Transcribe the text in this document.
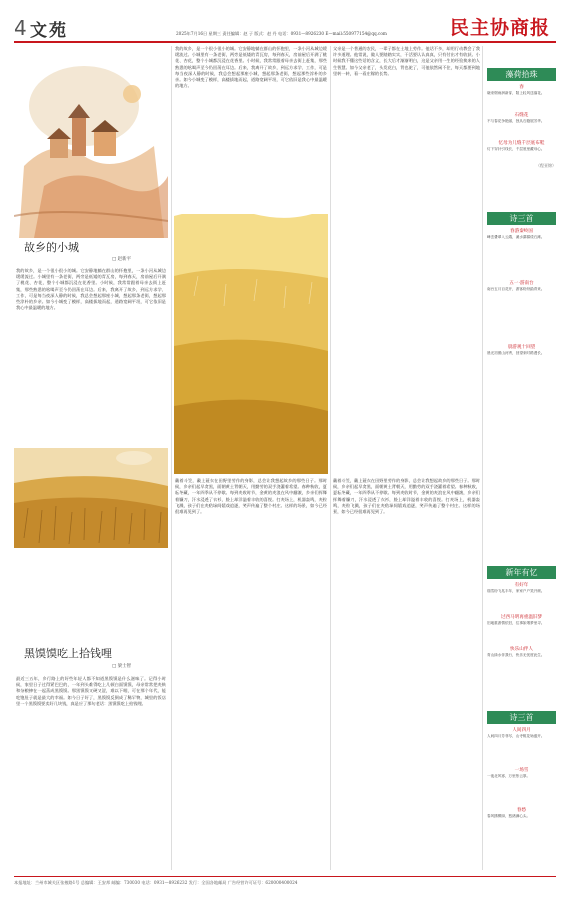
4 文苑	民主协商报
2025年7月16日 星期三 责任编辑：赵 子 版式：赵 丹 电话：0931—8926230 E—mail:550977154@qq.com
故乡的小城
□ 赵新平
我的故乡，是一个很小很小的城。它安静地躺在群山的怀抱里，一条小河从城边缓缓流过。小城里有一条老街，两旁是低矮的青瓦房，每到春天，房前屋后开满了桃花、杏花，整个小城都沉浸在花香里。小时候，我常常跟着母亲去街上赶集，那些熟悉的吆喝声至今仍回荡在耳边。后来，我离开了故乡，到远方求学、工作，可是每当夜深人静的时候，我总会想起那座小城，想起那条老街，想起那些淳朴的乡亲。如今小城变了模样，高楼拔地而起，道路宽阔平坦，可它依旧是我心中最温暖的地方。
黑馍馍吃上拾钱哩
□ 梁士智
最近三五年，乡行路上的好些年轻人都不知道黑馍馍是什么滋味了。记得小时候，家里日子过得紧巴巴的，一年到头难得吃上几顿白面馍馍，母亲常常把麦麸和杂粮掺在一起蒸成黑馍馍。那黑馍馍又硬又涩，难以下咽，可在那个年代，能吃饱肚子就是最大的幸福。如今日子好了，黑馍馍反倒成了稀罕物，城里的饭店里一个黑馍馍要卖好几块钱，真是应了那句老话：黑馍馍吃上拾钱哩。
我的故乡，是一个很小很小的城。它安静地躺在群山的怀抱里，一条小河从城边缓缓流过。小城里有一条老街，两旁是低矮的青瓦房，每到春天，房前屋后开满了桃花、杏花，整个小城都沉浸在花香里。小时候，我常常跟着母亲去街上赶集，那些熟悉的吆喝声至今仍回荡在耳边。后来，我离开了故乡，到远方求学、工作，可是每当夜深人静的时候，我总会想起那座小城，想起那条老街，想起那些淳朴的乡亲。如今小城变了模样，高楼拔地而起，道路宽阔平坦，可它依旧是我心中最温暖的地方。
戴着斗笠，戴上蓑衣在田野里劳作的身影，总会让我想起故乡的那些日子。那时候，乡亲们起早贪黑，面朝黄土背朝天，用勤劳的双手浇灌着希望。春种秋收，夏耘冬藏，一年四季从不停歇。每到麦收时节，金黄的麦浪在风中翻滚，乡亲们挥舞着镰刀，汗水浸透了衣衫，脸上却洋溢着丰收的喜悦。打麦场上，机器轰鸣，麦粒飞溅，孩子们在麦秸垛间嬉戏追逐，笑声传遍了整个村庄。这样的场景，如今已经很难再见到了。
父亲是一个普通的农民，一辈子都在土地上劳作。他话不多，却用行动教会了我许多道理。他常说，做人要踏踏实实，干活要认认真真，只有付出才有收获。小时候我不懂这些话的含义，长大后才渐渐明白，这是父亲用一生的经验换来的人生智慧。如今父亲老了，头发花白，背也驼了，可他依然闲不住，每天都要到地里转一转，看一看庄稼的长势。
戴着斗笠，戴上蓑衣在田野里劳作的身影，总会让我想起故乡的那些日子。那时候，乡亲们起早贪黑，面朝黄土背朝天，用勤劳的双手浇灌着希望。春种秋收，夏耘冬藏，一年四季从不停歇。每到麦收时节，金黄的麦浪在风中翻滚，乡亲们挥舞着镰刀，汗水浸透了衣衫，脸上却洋溢着丰收的喜悦。打麦场上，机器轰鸣，麦粒飞溅，孩子们在麦秸垛间嬉戏追逐，笑声传遍了整个村庄。这样的场景，如今已经很难再见到了。
藻荷拾珠
春
晓来烟雨润新芽，陌上轻风送落花。
石缝花
不与春花争艳丽，独从石缝展芳华。
忆母为儿缝千层底布鞋
灯下穿针引线长，千层底里藏母心。
（程亚锦）
诗三首
春游秦岭国
峰峦叠翠入云端，溪水潺潺绕石滩。
五一·游南台
南台五月百花开，游客纷纷踏青来。
晨游观十回望
晨光初照山河秀，回望来时路漫长。
新年有忆
有好年
瑞雪纷飞兆丰年，家家户户笑开颜。
过西马明再重温旧梦
旧地重游情依旧，往事如烟梦里寻。
快乐山伴人
青山绿水伴我行，快乐无忧度此生。
诗三首
人间四月
人间四月芳菲尽，山寺桃花始盛开。
一场雪
一夜北风寒，万里彤云厚。
春愁
春风拂柳绿，愁绪满心头。
本报地址：兰州市城关区张掖路1号 总编辑：王安邦 邮编：730030 电话：0931—8926232 发行：全国各地邮局 广告经营许可证号：620000400024
